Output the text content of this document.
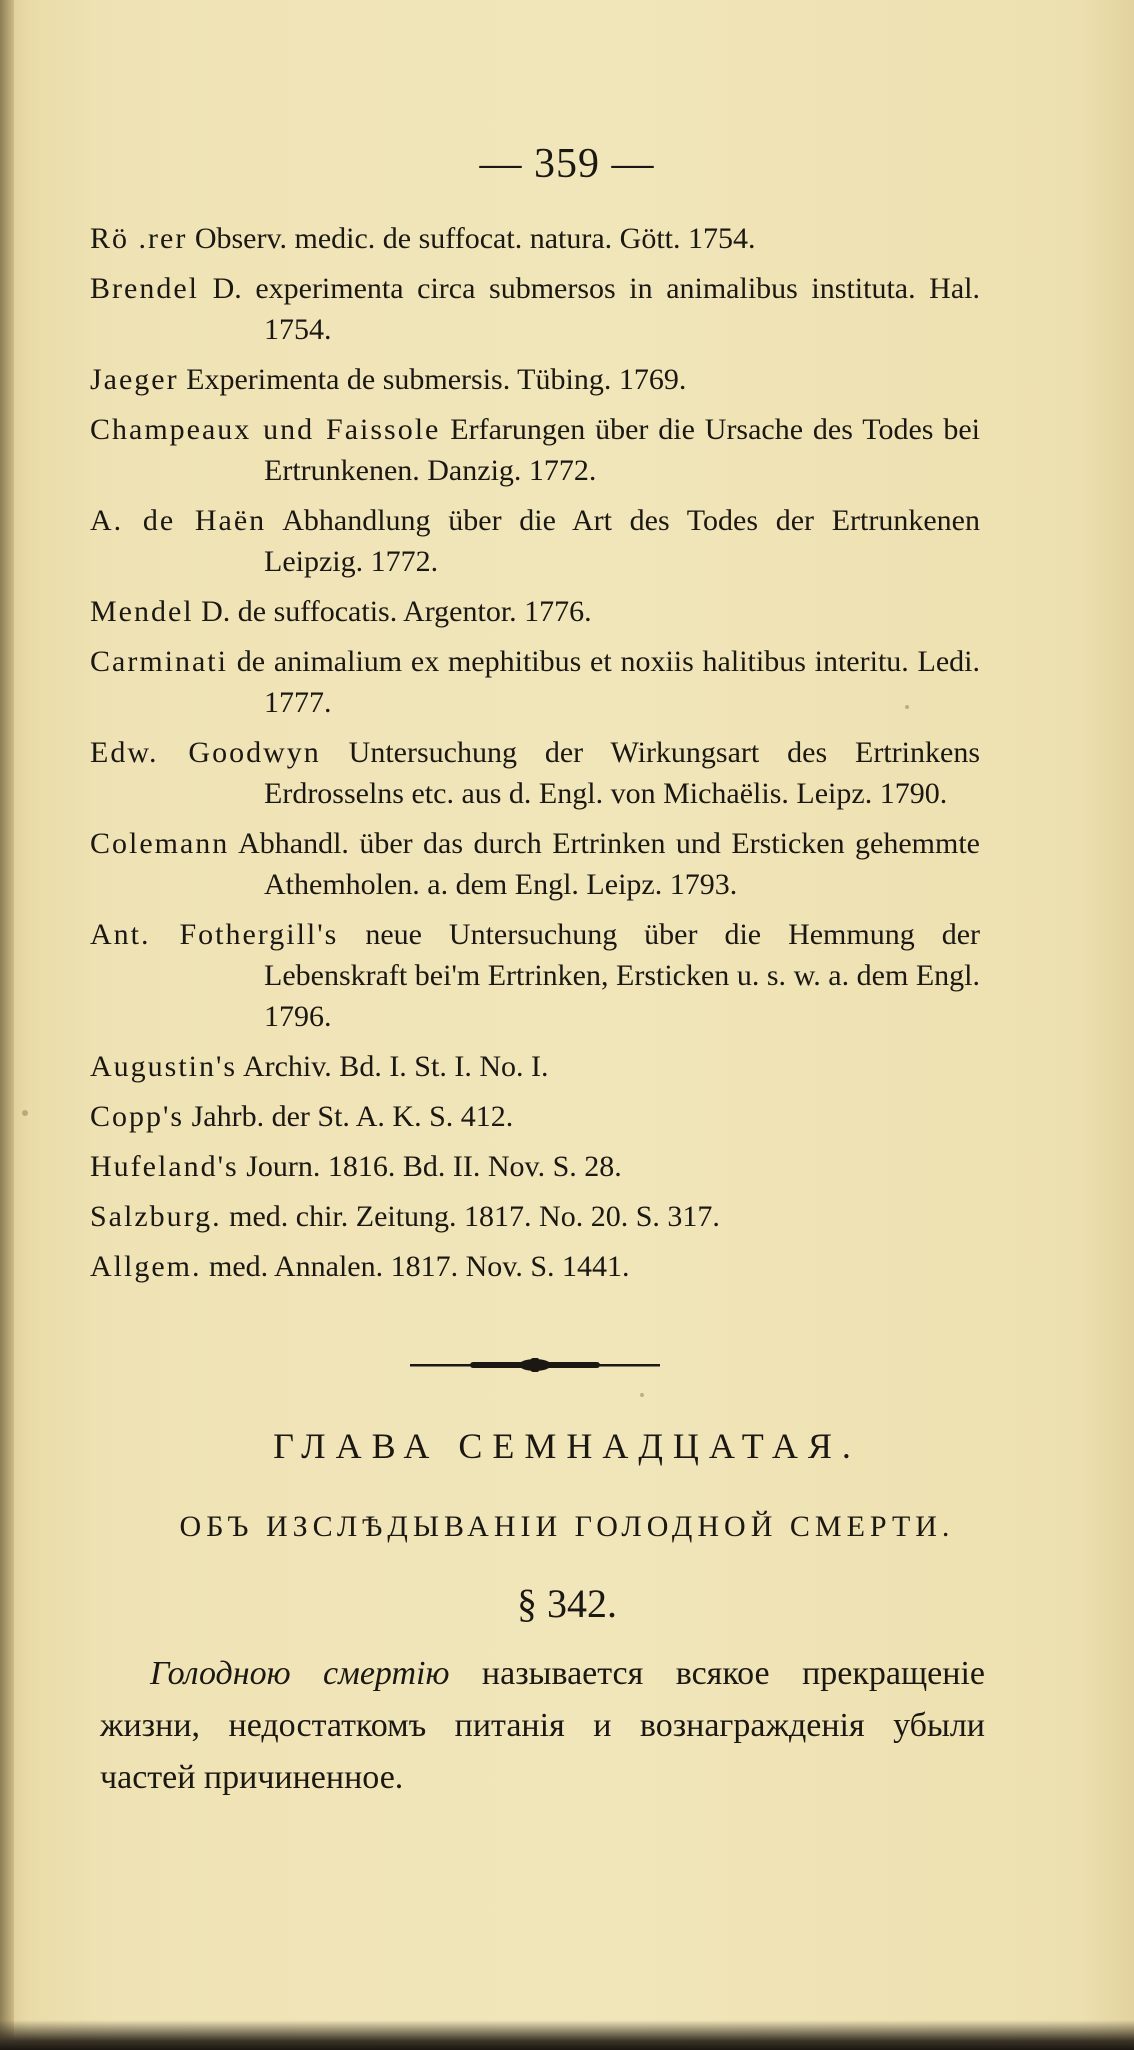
— 359 —
Rö .rer Observ. medic. de suffocat. natura. Gött. 1754.
Brendel D. experimenta circa submersos in animalibus instituta. Hal. 1754.
Jaeger Experimenta de submersis. Tübing. 1769.
Champeaux und Faissole Erfarungen über die Ursache des Todes bei Ertrunkenen. Danzig. 1772.
A. de Haën Abhandlung über die Art des Todes der Ertrunkenen Leipzig. 1772.
Mendel D. de suffocatis. Argentor. 1776.
Carminati de animalium ex mephitibus et noxiis halitibus interitu. Ledi. 1777.
Edw. Goodwyn Untersuchung der Wirkungsart des Ertrinkens Erdrosselns etc. aus d. Engl. von Michaëlis. Leipz. 1790.
Colemann Abhandl. über das durch Ertrinken und Ersticken gehemmte Athemholen. a. dem Engl. Leipz. 1793.
Ant. Fothergill's neue Untersuchung über die Hemmung der Lebenskraft bei'm Ertrinken, Ersticken u. s. w. a. dem Engl. 1796.
Augustin's Archiv. Bd. I. St. I. No. I.
Copp's Jahrb. der St. A. K. S. 412.
Hufeland's Journ. 1816. Bd. II. Nov. S. 28.
Salzburg. med. chir. Zeitung. 1817. No. 20. S. 317.
Allgem. med. Annalen. 1817. Nov. S. 1441.
ГЛАВА СЕМНАДЦАТАЯ.
ОБЪ ИЗСЛѢДЫВАНІИ ГОЛОДНОЙ СМЕРТИ.
§ 342.

Голодною смертію называется всякое прекращеніе жизни, недостаткомъ питанія и вознагражденія убыли частей причиненное.
